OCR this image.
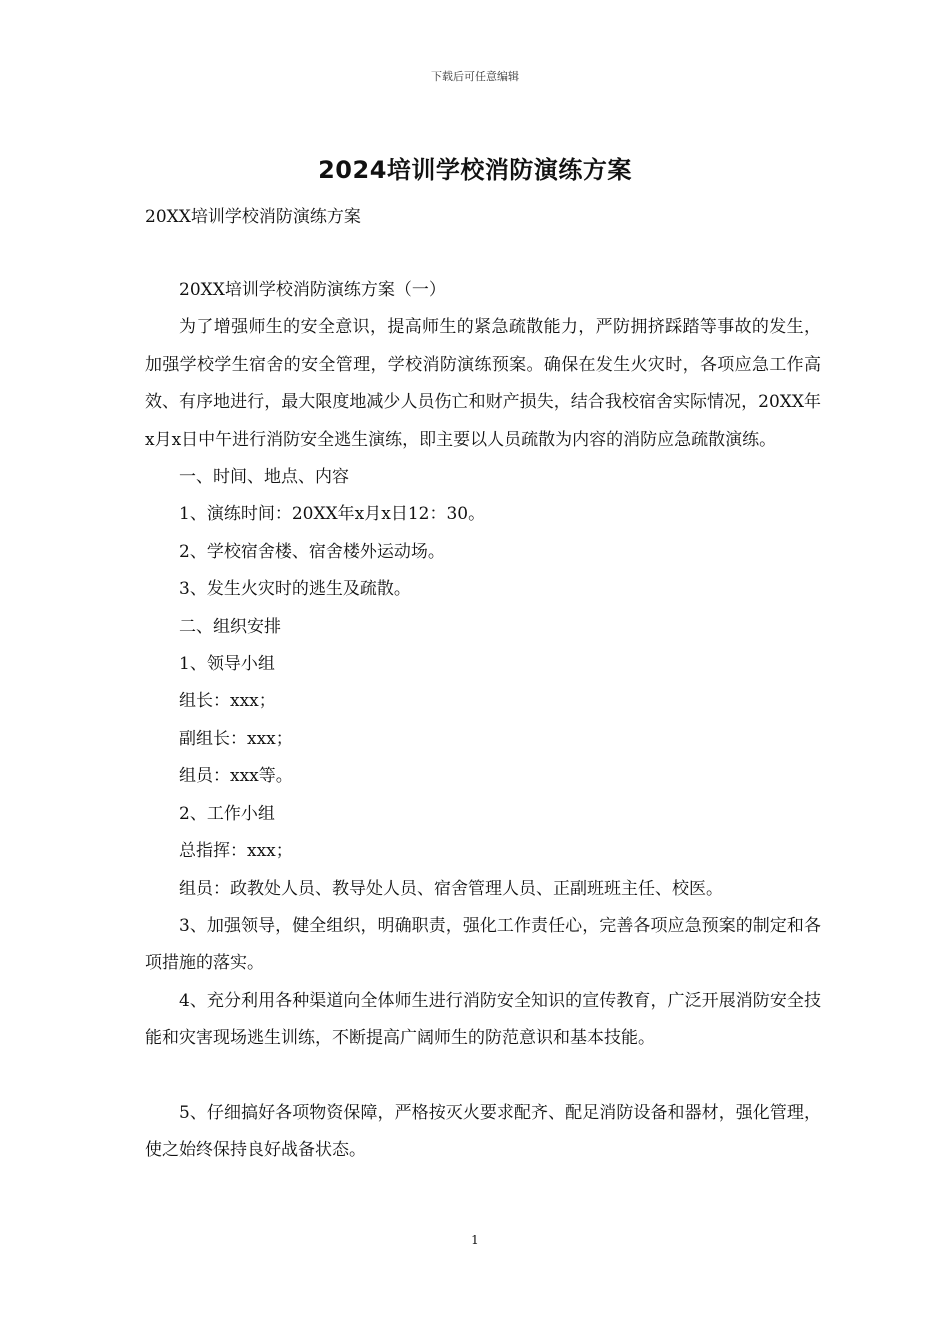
下载后可任意编辑
2024培训学校消防演练方案
20XX培训学校消防演练方案

20XX培训学校消防演练方案（一）

为了增强师生的安全意识，提高师生的紧急疏散能力，严防拥挤踩踏等事故的发生，加强学校学生宿舍的安全管理，学校消防演练预案。确保在发生火灾时，各项应急工作高效、有序地进行，最大限度地减少人员伤亡和财产损失，结合我校宿舍实际情况，20XX年x月x日中午进行消防安全逃生演练，即主要以人员疏散为内容的消防应急疏散演练。

一、时间、地点、内容

1、演练时间：20XX年x月x日12：30。

2、学校宿舍楼、宿舍楼外运动场。

3、发生火灾时的逃生及疏散。

二、组织安排

1、领导小组

组长：xxx；

副组长：xxx；

组员：xxx等。

2、工作小组

总指挥：xxx；

组员：政教处人员、教导处人员、宿舍管理人员、正副班班主任、校医。

3、加强领导，健全组织，明确职责，强化工作责任心，完善各项应急预案的制定和各项措施的落实。

4、充分利用各种渠道向全体师生进行消防安全知识的宣传教育，广泛开展消防安全技能和灾害现场逃生训练，不断提高广阔师生的防范意识和基本技能。

5、仔细搞好各项物资保障，严格按灭火要求配齐、配足消防设备和器材，强化管理，使之始终保持良好战备状态。

1
